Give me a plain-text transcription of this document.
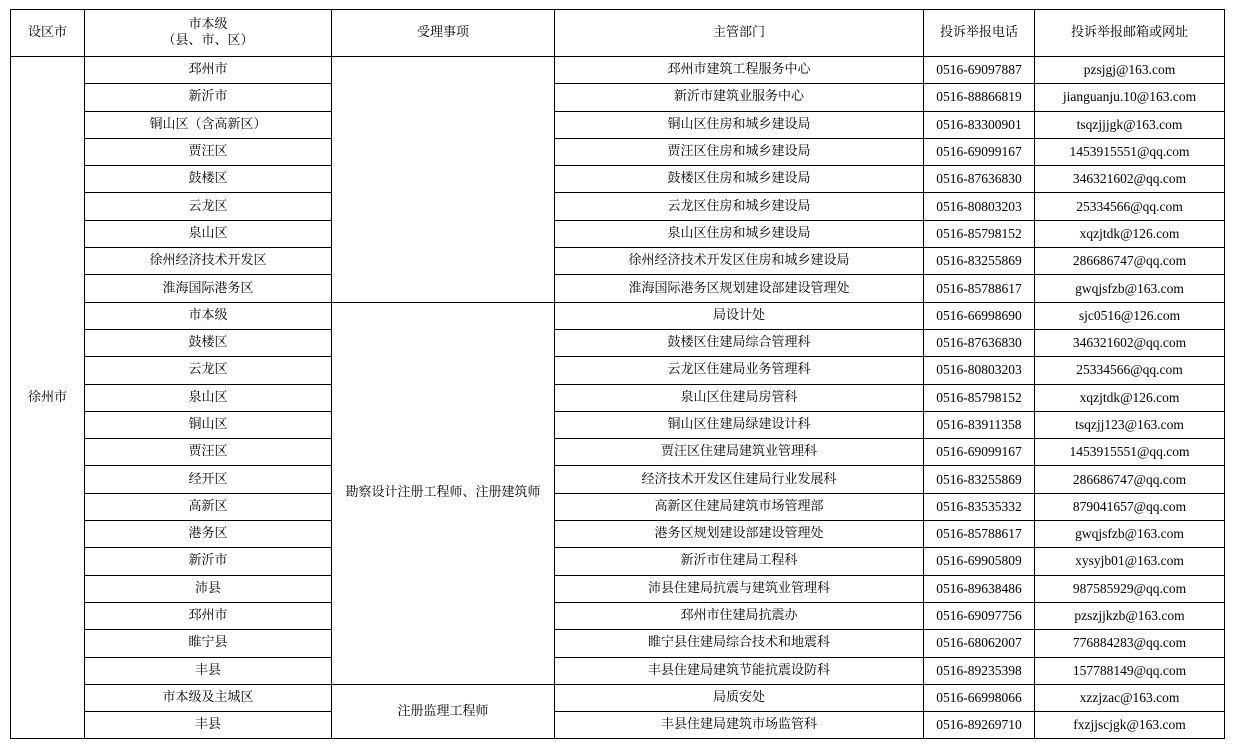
设区市	市本级
（县、市、区）	受理事项	主管部门	投诉举报电话	投诉举报邮箱或网址
徐州市	邳州市		邳州市建筑工程服务中心	0516-69097887	pzsjgj@163.com
	新沂市		新沂市建筑业服务中心	0516-88866819	jianguanju.10@163.com
	铜山区（含高新区）		铜山区住房和城乡建设局	0516-83300901	tsqzjjjgk@163.com
	贾汪区		贾汪区住房和城乡建设局	0516-69099167	1453915551@qq.com
	鼓楼区		鼓楼区住房和城乡建设局	0516-87636830	346321602@qq.com
	云龙区		云龙区住房和城乡建设局	0516-80803203	25334566@qq.com
	泉山区		泉山区住房和城乡建设局	0516-85798152	xqzjtdk@126.com
	徐州经济技术开发区		徐州经济技术开发区住房和城乡建设局	0516-83255869	286686747@qq.com
	淮海国际港务区		淮海国际港务区规划建设部建设管理处	0516-85788617	gwqjsfzb@163.com
	市本级	勘察设计注册工程师、注册建筑师	局设计处	0516-66998690	sjc0516@126.com
	鼓楼区		鼓楼区住建局综合管理科	0516-87636830	346321602@qq.com
	云龙区		云龙区住建局业务管理科	0516-80803203	25334566@qq.com
	泉山区		泉山区住建局房管科	0516-85798152	xqzjtdk@126.com
	铜山区		铜山区住建局绿建设计科	0516-83911358	tsqzjj123@163.com
	贾汪区		贾汪区住建局建筑业管理科	0516-69099167	1453915551@qq.com
	经开区		经济技术开发区住建局行业发展科	0516-83255869	286686747@qq.com
	高新区		高新区住建局建筑市场管理部	0516-83535332	879041657@qq.com
	港务区		港务区规划建设部建设管理处	0516-85788617	gwqjsfzb@163.com
	新沂市		新沂市住建局工程科	0516-69905809	xysyjb01@163.com
	沛县		沛县住建局抗震与建筑业管理科	0516-89638486	987585929@qq.com
	邳州市		邳州市住建局抗震办	0516-69097756	pzszjjkzb@163.com
	睢宁县		睢宁县住建局综合技术和地震科	0516-68062007	776884283@qq.com
	丰县		丰县住建局建筑节能抗震设防科	0516-89235398	157788149@qq.com
	市本级及主城区	注册监理工程师	局质安处	0516-66998066	xzzjzac@163.com
	丰县		丰县住建局建筑市场监管科	0516-89269710	fxzjjscjgk@163.com
